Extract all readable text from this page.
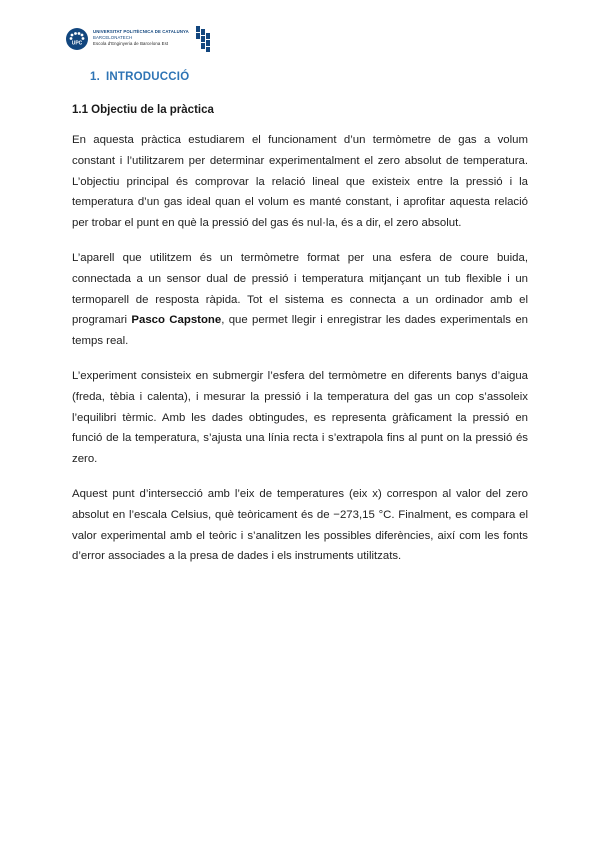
UPC
UNIVERSITAT POLITÈCNICA DE CATALUNYA
BARCELONATECH
Escola d'Enginyeria de Barcelona Est
1. INTRODUCCIÓ
1.1 Objectiu de la pràctica

En aquesta pràctica estudiarem el funcionament d’un termòmetre de gas a volum constant i l’utilitzarem per determinar experimentalment el zero absolut de temperatura. L’objectiu principal és comprovar la relació lineal que existeix entre la pressió i la temperatura d’un gas ideal quan el volum es manté constant, i aprofitar aquesta relació per trobar el punt en què la pressió del gas és nul·la, és a dir, el zero absolut.

L’aparell que utilitzem és un termòmetre format per una esfera de coure buida, connectada a un sensor dual de pressió i temperatura mitjançant un tub flexible i un termoparell de resposta ràpida. Tot el sistema es connecta a un ordinador amb el programari Pasco Capstone, que permet llegir i enregistrar les dades experimentals en temps real.

L’experiment consisteix en submergir l’esfera del termòmetre en diferents banys d’aigua (freda, tèbia i calenta), i mesurar la pressió i la temperatura del gas un cop s’assoleix l’equilibri tèrmic. Amb les dades obtingudes, es representa gràficament la pressió en funció de la temperatura, s’ajusta una línia recta i s’extrapola fins al punt on la pressió és zero.

Aquest punt d’intersecció amb l’eix de temperatures (eix x) correspon al valor del zero absolut en l’escala Celsius, què teòricament és de −273,15 °C. Finalment, es compara el valor experimental amb el teòric i s’analitzen les possibles diferències, així com les fonts d’error associades a la presa de dades i els instruments utilitzats.
